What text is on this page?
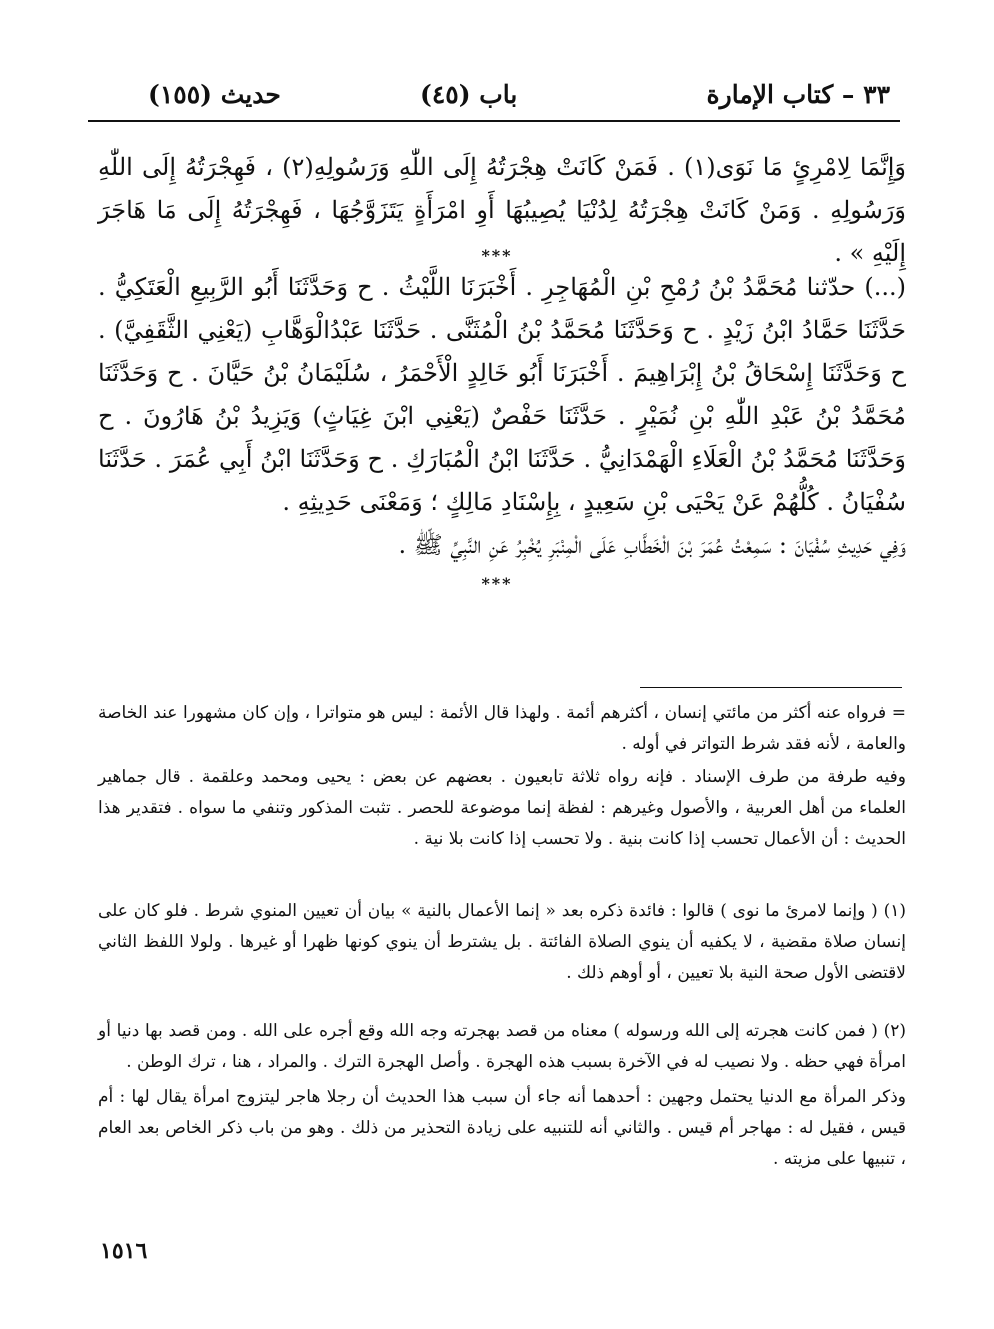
٣٣ – كتاب الإمارة
(٤٥) باب
(١٥٥) حديث
وَإِنَّمَا لِامْرِئٍ مَا نَوَى(١) . فَمَنْ كَانَتْ هِجْرَتُهُ إِلَى اللّٰهِ وَرَسُولِهِ(٢) ، فَهِجْرَتُهُ إِلَى اللّٰهِ وَرَسُولِهِ . وَمَنْ كَانَتْ هِجْرَتُهُ لِدُنْيَا يُصِيبُهَا أَوِ امْرَأَةٍ يَتَزَوَّجُهَا ، فَهِجْرَتُهُ إِلَى مَا هَاجَرَ إِلَيْهِ » .
***
(...) حدّثنا مُحَمَّدُ بْنُ رُمْحِ بْنِ الْمُهَاجِرِ . أَخْبَرَنَا اللَّيْثُ . ح وَحَدَّثَنَا أَبُو الرَّبِيعِ الْعَتَكِيُّ . حَدَّثَنَا حَمَّادُ ابْنُ زَيْدٍ . ح وَحَدَّثَنَا مُحَمَّدُ بْنُ الْمُثَنَّى . حَدَّثَنَا عَبْدُالْوَهَّابِ (يَعْنِي الثَّقَفِيَّ) . ح وَحَدَّثَنَا إِسْحَاقُ بْنُ إِبْرَاهِيمَ . أَخْبَرَنَا أَبُو خَالِدٍ الْأَحْمَرُ ، سُلَيْمَانُ بْنُ حَيَّانَ . ح وَحَدَّثَنَا مُحَمَّدُ بْنُ عَبْدِ اللّٰهِ بْنِ نُمَيْرٍ . حَدَّثَنَا حَفْصٌ (يَعْنِي ابْنَ غِيَاثٍ) وَيَزِيدُ بْنُ هَارُونَ . ح وَحَدَّثَنَا مُحَمَّدُ بْنُ الْعَلَاءِ الْهَمْدَانِيُّ . حَدَّثَنَا ابْنُ الْمُبَارَكِ . ح وَحَدَّثَنَا ابْنُ أَبِي عُمَرَ . حَدَّثَنَا سُفْيَانُ . كُلُّهُمْ عَنْ يَحْيَى بْنِ سَعِيدٍ ، بِإِسْنَادِ مَالِكٍ ؛ وَمَعْنَى حَدِيثِهِ .
وَفِي حَدِيثِ سُفْيَانَ : سَمِعْتُ عُمَرَ بْنَ الْخَطَّابِ عَلَى الْمِنْبَرِ يُخْبِرُ عَنِ النَّبِيِّ ﷺ .
***
= فرواه عنه أكثر من مائتي إنسان ، أكثرهم أئمة . ولهذا قال الأئمة : ليس هو متواترا ، وإن كان مشهورا عند الخاصة والعامة ، لأنه فقد شرط التواتر في أوله .
وفيه طرفة من طرف الإسناد . فإنه رواه ثلاثة تابعيون . بعضهم عن بعض : يحيى ومحمد وعلقمة . قال جماهير العلماء من أهل العربية ، والأصول وغيرهم : لفظة إنما موضوعة للحصر . تثبت المذكور وتنفي ما سواه . فتقدير هذا الحديث : أن الأعمال تحسب إذا كانت بنية . ولا تحسب إذا كانت بلا نية .
(١) ( وإنما لامرئ ما نوى ) قالوا : فائدة ذكره بعد « إنما الأعمال بالنية » بيان أن تعيين المنوي شرط . فلو كان على إنسان صلاة مقضية ، لا يكفيه أن ينوي الصلاة الفائتة . بل يشترط أن ينوي كونها ظهرا أو غيرها . ولولا اللفظ الثاني لاقتضى الأول صحة النية بلا تعيين ، أو أوهم ذلك .
(٢) ( فمن كانت هجرته إلى الله ورسوله ) معناه من قصد بهجرته وجه الله وقع أجره على الله . ومن قصد بها دنيا أو امرأة فهي حظه . ولا نصيب له في الآخرة بسبب هذه الهجرة . وأصل الهجرة الترك . والمراد ، هنا ، ترك الوطن .
وذكر المرأة مع الدنيا يحتمل وجهين : أحدهما أنه جاء أن سبب هذا الحديث أن رجلا هاجر ليتزوج امرأة يقال لها : أم قيس ، فقيل له : مهاجر أم قيس . والثاني أنه للتنبيه على زيادة التحذير من ذلك . وهو من باب ذكر الخاص بعد العام ، تنبيها على مزيته .
١٥١٦
